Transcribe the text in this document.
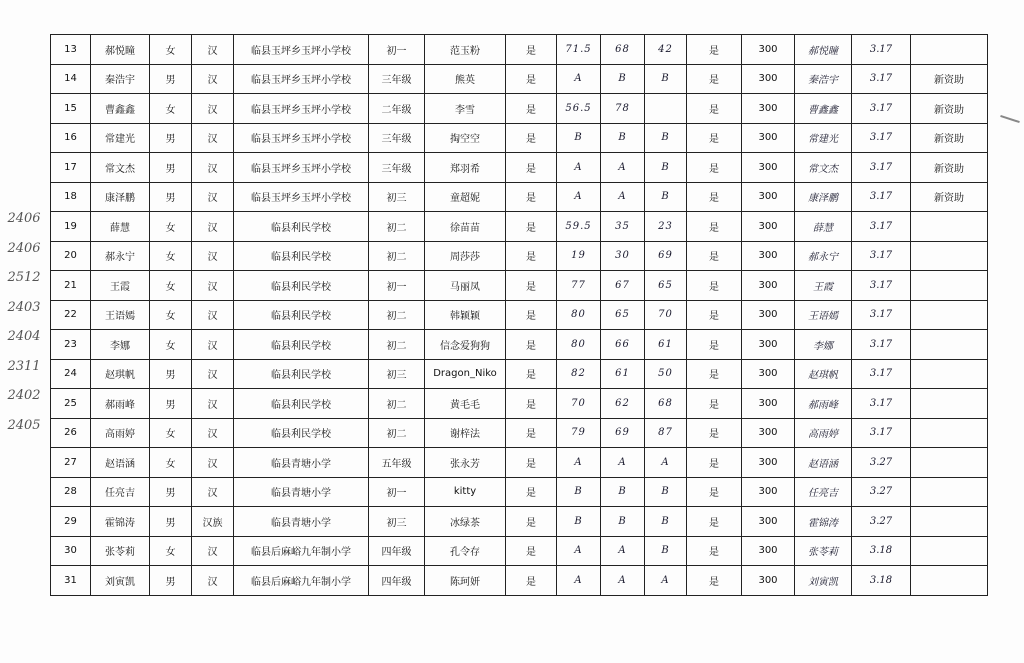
2406
2406
2512
2403
2404
2311
2402
2405
13	郝悦瞳	女	汉	临县玉坪乡玉坪小学校	初一	范玉粉	是	71.5	68	42	是	300	郝悦瞳	3.17	
14	秦浩宇	男	汉	临县玉坪乡玉坪小学校	三年级	熊英	是	A	B	B	是	300	秦浩宇	3.17	新资助
15	曹鑫鑫	女	汉	临县玉坪乡玉坪小学校	二年级	李雪	是	56.5	78		是	300	曹鑫鑫	3.17	新资助
16	常建光	男	汉	临县玉坪乡玉坪小学校	三年级	掏空空	是	B	B	B	是	300	常建光	3.17	新资助
17	常文杰	男	汉	临县玉坪乡玉坪小学校	三年级	郑羽希	是	A	A	B	是	300	常文杰	3.17	新资助
18	康泽鹏	男	汉	临县玉坪乡玉坪小学校	初三	童超妮	是	A	A	B	是	300	康泽鹏	3.17	新资助
19	薛慧	女	汉	临县利民学校	初二	徐苗苗	是	59.5	35	23	是	300	薛慧	3.17	
20	郝永宁	女	汉	临县利民学校	初二	周莎莎	是	19	30	69	是	300	郝永宁	3.17	
21	王霞	女	汉	临县利民学校	初一	马丽凤	是	77	67	65	是	300	王霞	3.17	
22	王语嫣	女	汉	临县利民学校	初二	韩颖颖	是	80	65	70	是	300	王语嫣	3.17	
23	李娜	女	汉	临县利民学校	初二	信念爱狗狗	是	80	66	61	是	300	李娜	3.17	
24	赵琪帆	男	汉	临县利民学校	初三	Dragon_Niko	是	82	61	50	是	300	赵琪帆	3.17	
25	郝雨峰	男	汉	临县利民学校	初二	黄毛毛	是	70	62	68	是	300	郝雨峰	3.17	
26	高雨婷	女	汉	临县利民学校	初二	谢梓法	是	79	69	87	是	300	高雨婷	3.17	
27	赵语涵	女	汉	临县青塘小学	五年级	张永芳	是	A	A	A	是	300	赵语涵	3.27	
28	任亮吉	男	汉	临县青塘小学	初一	kitty	是	B	B	B	是	300	任亮吉	3.27	
29	霍锦涛	男	汉族	临县青塘小学	初三	冰绿茶	是	B	B	B	是	300	霍锦涛	3.27	
30	张苓莉	女	汉	临县后麻峪九年制小学	四年级	孔令存	是	A	A	B	是	300	张苓莉	3.18	
31	刘寅凯	男	汉	临县后麻峪九年制小学	四年级	陈珂妍	是	A	A	A	是	300	刘寅凯	3.18	
